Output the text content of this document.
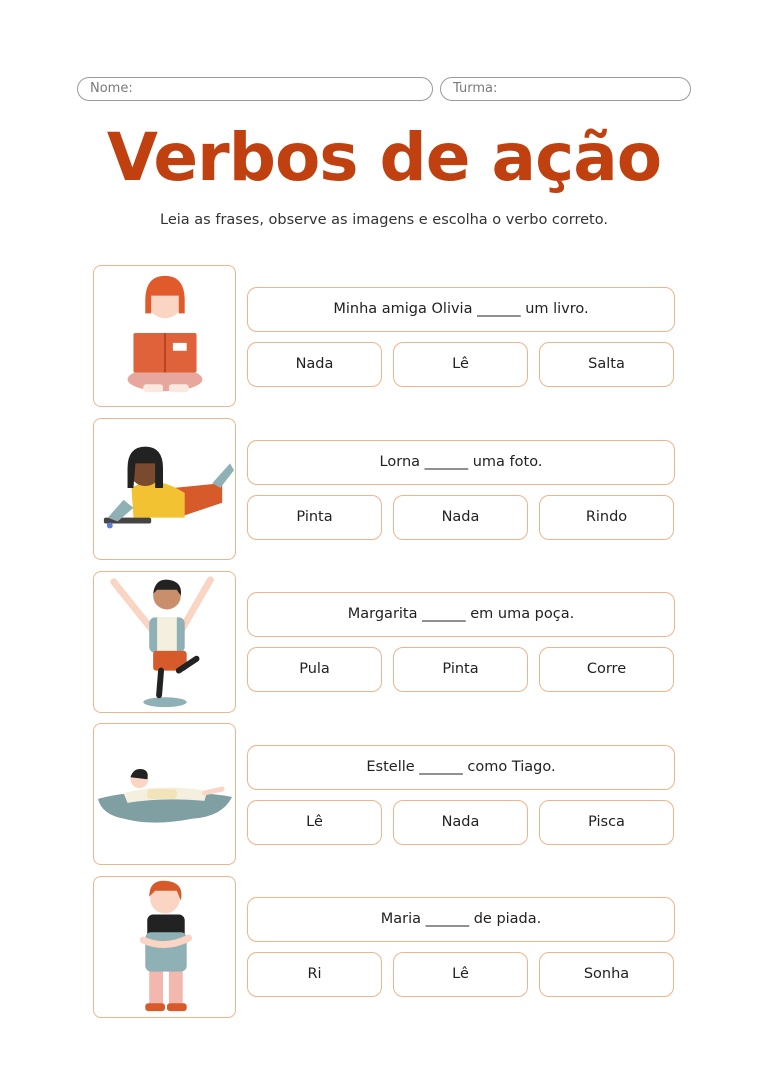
Nome:	Turma:
Verbos de ação

Leia as frases, observe as imagens e escolha o verbo correto.

Minha amiga Olivia ______ um livro.
Nada	Lê	Salta
Lorna ______ uma foto.
Pinta	Nada	Rindo
Margarita ______ em uma poça.
Pula	Pinta	Corre
Estelle ______ como Tiago.
Lê	Nada	Pisca
Maria ______ de piada.
Ri	Lê	Sonha
